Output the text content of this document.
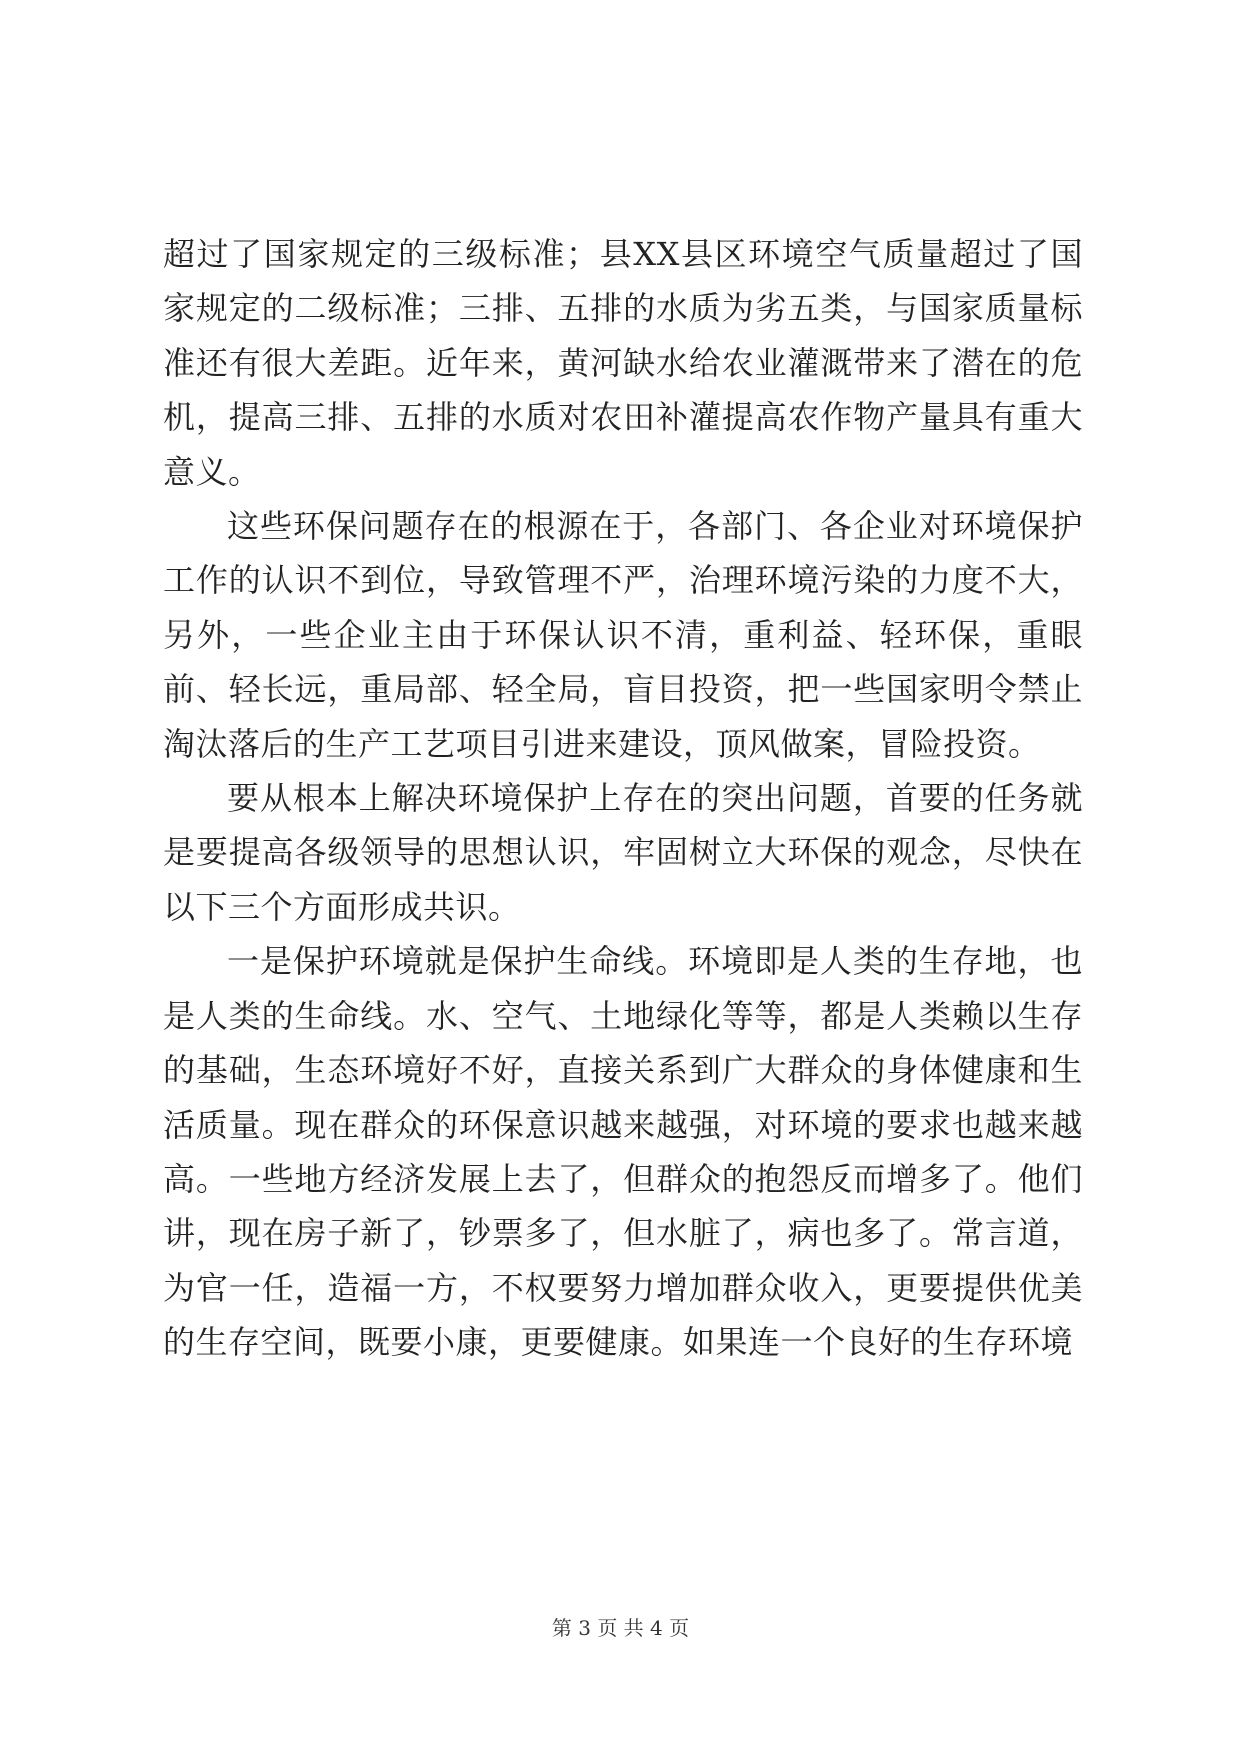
超过了国家规定的三级标准；县XX县区环境空气质量超过了国家规定的二级标准；三排、五排的水质为劣五类，与国家质量标准还有很大差距。近年来，黄河缺水给农业灌溉带来了潜在的危机，提高三排、五排的水质对农田补灌提高农作物产量具有重大意义。

这些环保问题存在的根源在于，各部门、各企业对环境保护工作的认识不到位，导致管理不严，治理环境污染的力度不大，另外，一些企业主由于环保认识不清，重利益、轻环保，重眼前、轻长远，重局部、轻全局，盲目投资，把一些国家明令禁止淘汰落后的生产工艺项目引进来建设，顶风做案，冒险投资。

要从根本上解决环境保护上存在的突出问题，首要的任务就是要提高各级领导的思想认识，牢固树立大环保的观念，尽快在以下三个方面形成共识。

一是保护环境就是保护生命线。环境即是人类的生存地，也是人类的生命线。水、空气、土地绿化等等，都是人类赖以生存的基础，生态环境好不好，直接关系到广大群众的身体健康和生活质量。现在群众的环保意识越来越强，对环境的要求也越来越高。一些地方经济发展上去了，但群众的抱怨反而增多了。他们讲，现在房子新了，钞票多了，但水脏了，病也多了。常言道，为官一任，造福一方，不权要努力增加群众收入，更要提供优美的生存空间，既要小康，更要健康。如果连一个良好的生存环境

第 3 页 共 4 页
